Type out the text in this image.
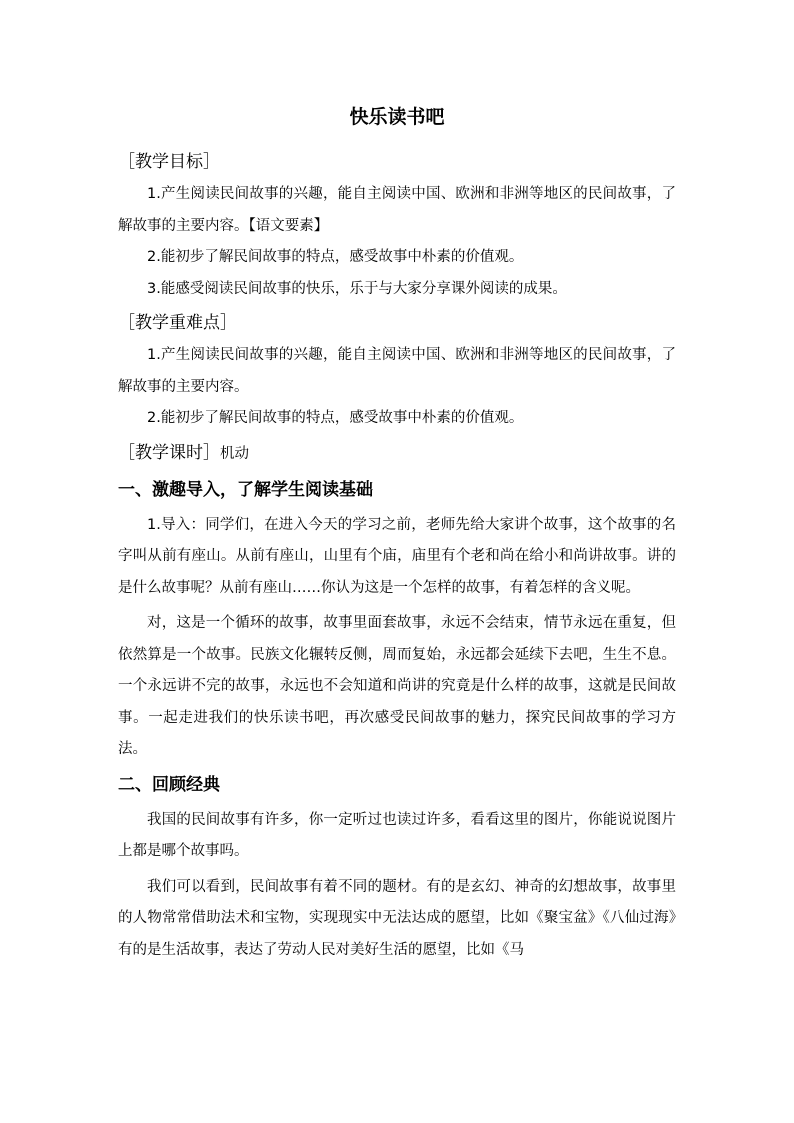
快乐读书吧
［教学目标］

1.产生阅读民间故事的兴趣，能自主阅读中国、欧洲和非洲等地区的民间故事，了解故事的主要内容。【语文要素】

2.能初步了解民间故事的特点，感受故事中朴素的价值观。

3.能感受阅读民间故事的快乐，乐于与大家分享课外阅读的成果。

［教学重难点］

1.产生阅读民间故事的兴趣，能自主阅读中国、欧洲和非洲等地区的民间故事，了解故事的主要内容。

2.能初步了解民间故事的特点，感受故事中朴素的价值观。

［教学课时］机动
一、激趣导入，了解学生阅读基础

1.导入：同学们，在进入今天的学习之前，老师先给大家讲个故事，这个故事的名字叫从前有座山。从前有座山，山里有个庙，庙里有个老和尚在给小和尚讲故事。讲的是什么故事呢？从前有座山……你认为这是一个怎样的故事，有着怎样的含义呢。

对，这是一个循环的故事，故事里面套故事，永远不会结束，情节永远在重复，但依然算是一个故事。民族文化辗转反侧，周而复始，永远都会延续下去吧，生生不息。一个永远讲不完的故事，永远也不会知道和尚讲的究竟是什么样的故事，这就是民间故事。一起走进我们的快乐读书吧，再次感受民间故事的魅力，探究民间故事的学习方法。

二、回顾经典

我国的民间故事有许多，你一定听过也读过许多，看看这里的图片，你能说说图片上都是哪个故事吗。

我们可以看到，民间故事有着不同的题材。有的是玄幻、神奇的幻想故事，故事里的人物常常借助法术和宝物，实现现实中无法达成的愿望，比如《聚宝盆》《八仙过海》有的是生活故事，表达了劳动人民对美好生活的愿望，比如《马
